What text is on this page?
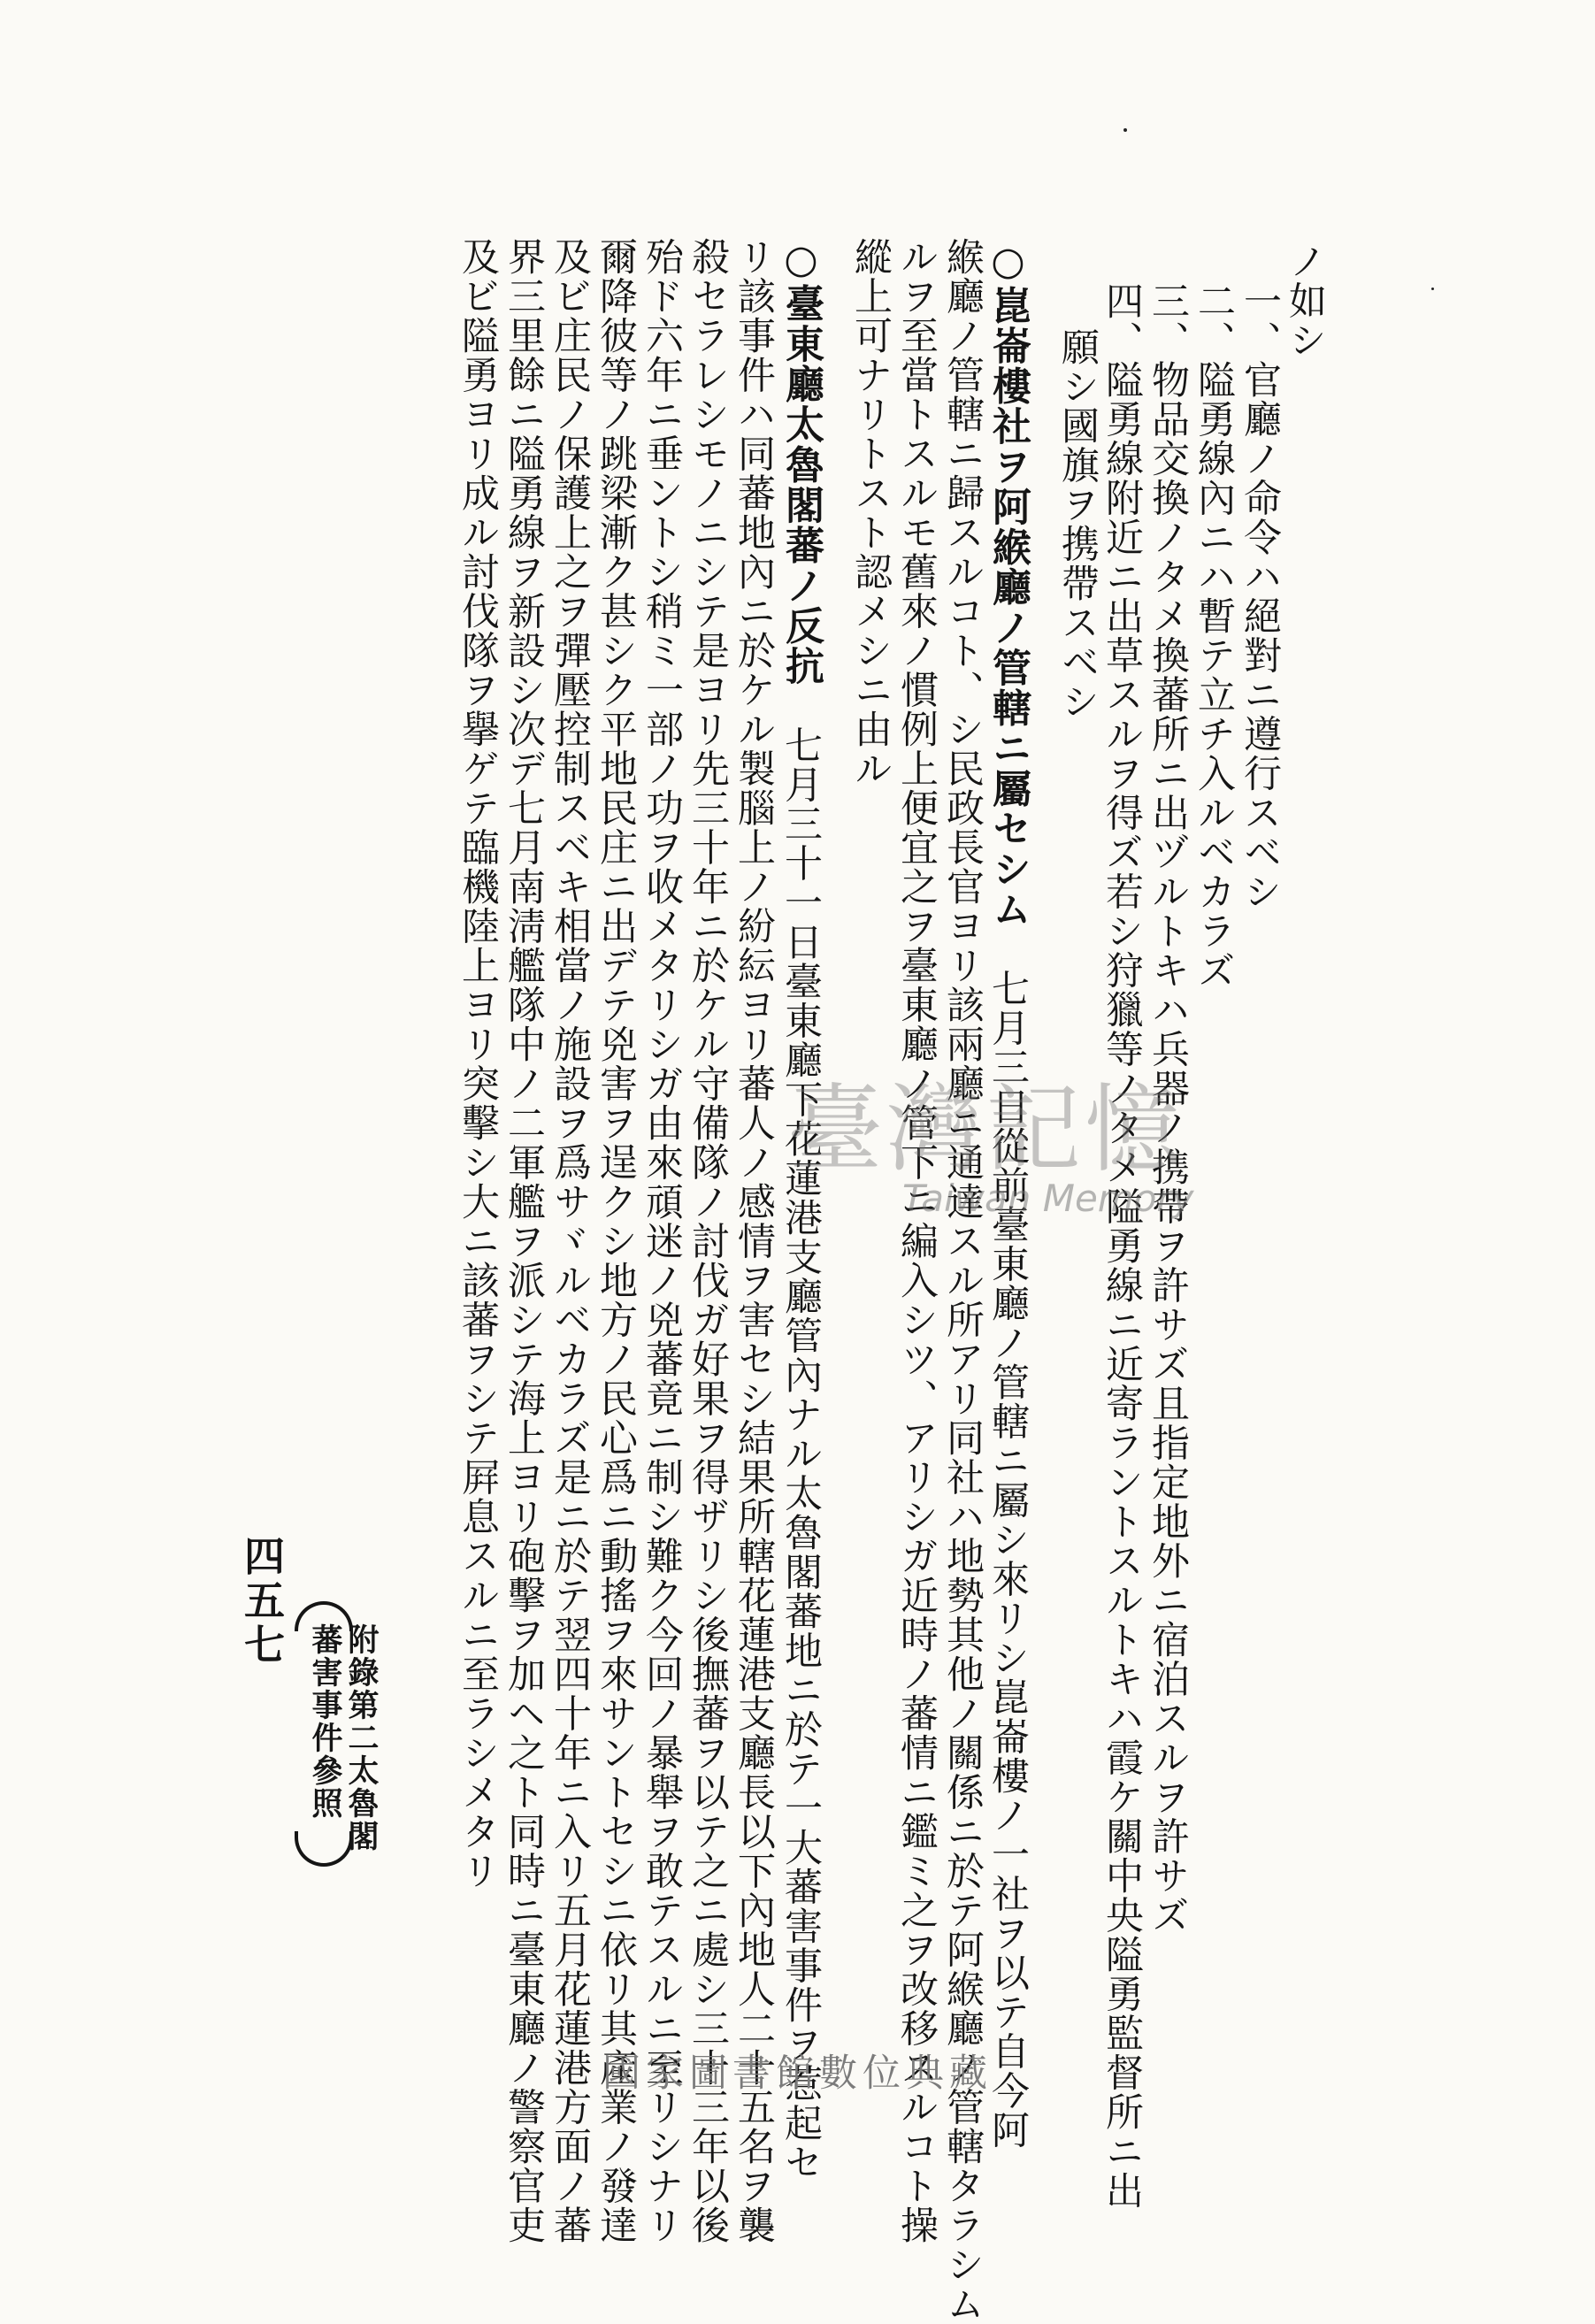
ノ如シ
一、官廳ノ命令ハ絕對ニ遵行スベシ
二、隘勇線內ニハ暫テ立チ入ルベカラズ
三、物品交換ノタメ換蕃所ニ出ヅルトキハ兵器ノ携帶ヲ許サズ且指定地外ニ宿泊スルヲ許サズ
四、隘勇線附近ニ出草スルヲ得ズ若シ狩獵等ノタメ隘勇線ニ近寄ラントスルトキハ霞ケ關中央隘勇監督所ニ出
願シ國旗ヲ携帶スベシ
○崑崙樓社ヲ阿緱廳ノ管轄ニ屬セシム　七月三日從前臺東廳ノ管轄ニ屬シ來リシ崑崙樓ノ一社ヲ以テ自今阿
緱廳ノ管轄ニ歸スルコト、シ民政長官ヨリ該兩廳ニ通達スル所アリ同社ハ地勢其他ノ關係ニ於テ阿緱廳ノ管轄タラシム
ルヲ至當トスルモ舊來ノ慣例上便宜之ヲ臺東廳ノ管下ニ編入シツ、アリシガ近時ノ蕃情ニ鑑ミ之ヲ改移スルコト操
縱上可ナリトスト認メシニ由ル
○臺東廳太魯閣蕃ノ反抗　七月三十一日臺東廳下花蓮港支廳管內ナル太魯閣蕃地ニ於テ一大蕃害事件ヲ惹起セ
リ該事件ハ同蕃地內ニ於ケル製腦上ノ紛紜ヨリ蕃人ノ感情ヲ害セシ結果所轄花蓮港支廳長以下內地人二十五名ヲ襲
殺セラレシモノニシテ是ヨリ先三十年ニ於ケル守備隊ノ討伐ガ好果ヲ得ザリシ後撫蕃ヲ以テ之ニ處シ三十三年以後
殆ド六年ニ垂ントシ稍ミ一部ノ功ヲ收メタリシガ由來頑迷ノ兇蕃竟ニ制シ難ク今回ノ暴舉ヲ敢テスルニ至リシナリ
爾降彼等ノ跳梁漸ク甚シク平地民庄ニ出デテ兇害ヲ逞クシ地方ノ民心爲ニ動搖ヲ來サントセシニ依リ其產業ノ發達
及ビ庄民ノ保護上之ヲ彈壓控制スベキ相當ノ施設ヲ爲サヾルベカラズ是ニ於テ翌四十年ニ入リ五月花蓮港方面ノ蕃
界三里餘ニ隘勇線ヲ新設シ次デ七月南淸艦隊中ノ二軍艦ヲ派シテ海上ヨリ砲擊ヲ加ヘ之ト同時ニ臺東廳ノ警察官吏
及ビ隘勇ヨリ成ル討伐隊ヲ擧ゲテ臨機陸上ヨリ突擊シ大ニ該蕃ヲシテ屛息スルニ至ラシメタリ
附錄第二太魯閣
蕃害事件參照
四五七
臺灣記憶
Taiwan Memory
國家圖書館數位典藏
